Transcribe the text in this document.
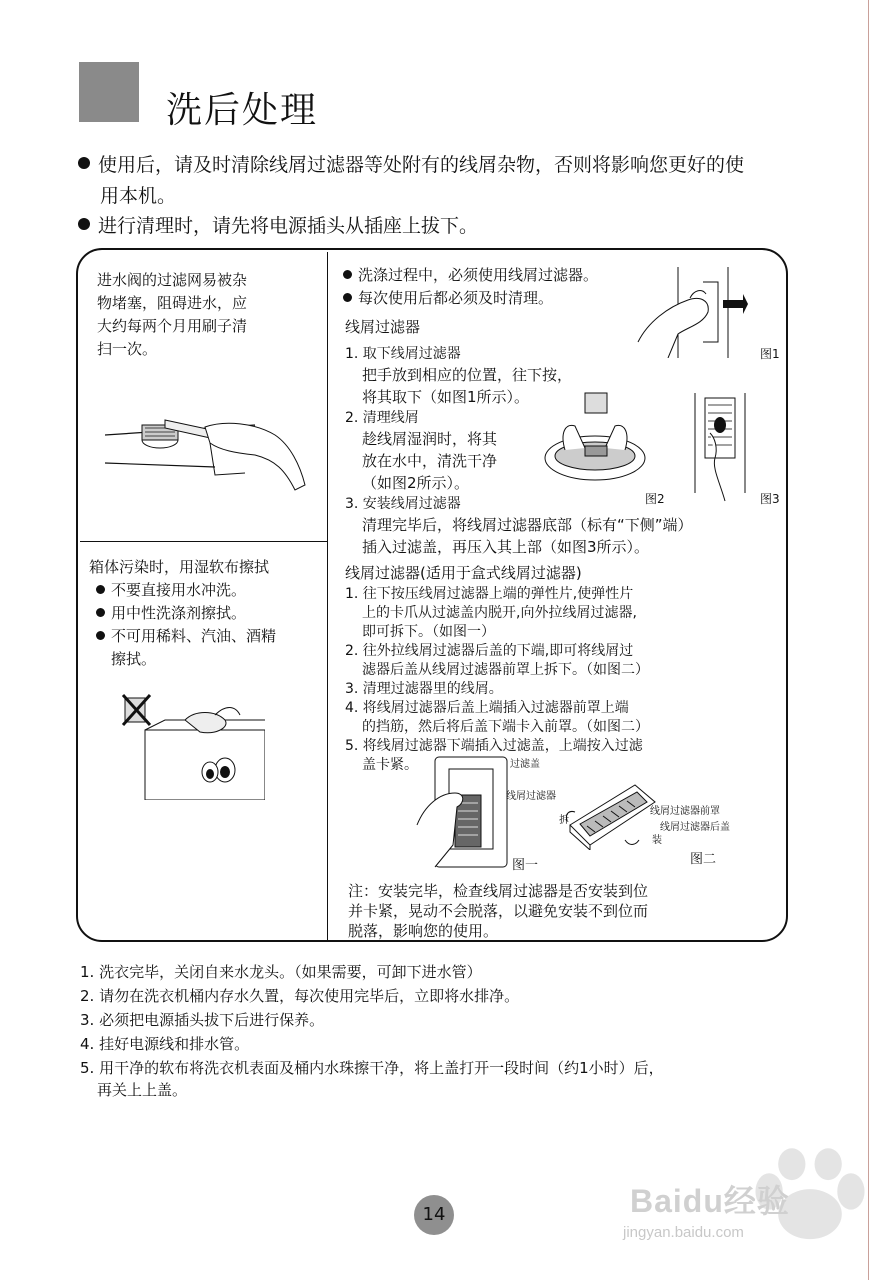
洗后处理
使用后，请及时清除线屑过滤器等处附有的线屑杂物，否则将影响您更好的使
用本机。
进行清理时，请先将电源插头从插座上拔下。
进水阀的过滤网易被杂
物堵塞，阻碍进水，应
大约每两个月用刷子清
扫一次。
箱体污染时，用湿软布擦拭
不要直接用水冲洗。
用中性洗涤剂擦拭。
不可用稀料、汽油、酒精
擦拭。
洗涤过程中，必须使用线屑过滤器。
每次使用后都必须及时清理。
线屑过滤器
1. 取下线屑过滤器
把手放到相应的位置，往下按，
将其取下（如图1所示）。
2. 清理线屑
趁线屑湿润时，将其
放在水中，清洗干净
（如图2所示）。
3. 安装线屑过滤器
清理完毕后，将线屑过滤器底部（标有“下侧”端）
插入过滤盖，再压入其上部（如图3所示）。
图1
图2	图3
线屑过滤器(适用于盒式线屑过滤器)
1. 往下按压线屑过滤器上端的弹性片,使弹性片
上的卡爪从过滤盖内脱开,向外拉线屑过滤器,
即可拆下。（如图一）
2. 往外拉线屑过滤器后盖的下端,即可将线屑过
滤器后盖从线屑过滤器前罩上拆下。（如图二）
3. 清理过滤器里的线屑。
4. 将线屑过滤器后盖上端插入过滤器前罩上端
的挡筋，然后将后盖下端卡入前罩。（如图二）
5. 将线屑过滤器下端插入过滤盖，上端按入过滤
盖卡紧。	过滤盖
线屑过滤器
图一
拆
线屑过滤器前罩
线屑过滤器后盖
装
图二
注：安装完毕，检查线屑过滤器是否安装到位
并卡紧，晃动不会脱落，以避免安装不到位而
脱落，影响您的使用。
1. 洗衣完毕，关闭自来水龙头。（如果需要，可卸下进水管）
2. 请勿在洗衣机桶内存水久置，每次使用完毕后，立即将水排净。
3. 必须把电源插头拔下后进行保养。
4. 挂好电源线和排水管。
5. 用干净的软布将洗衣机表面及桶内水珠擦干净，将上盖打开一段时间（约1小时）后，
再关上上盖。
14	Baidu经验
jingyan.baidu.com
